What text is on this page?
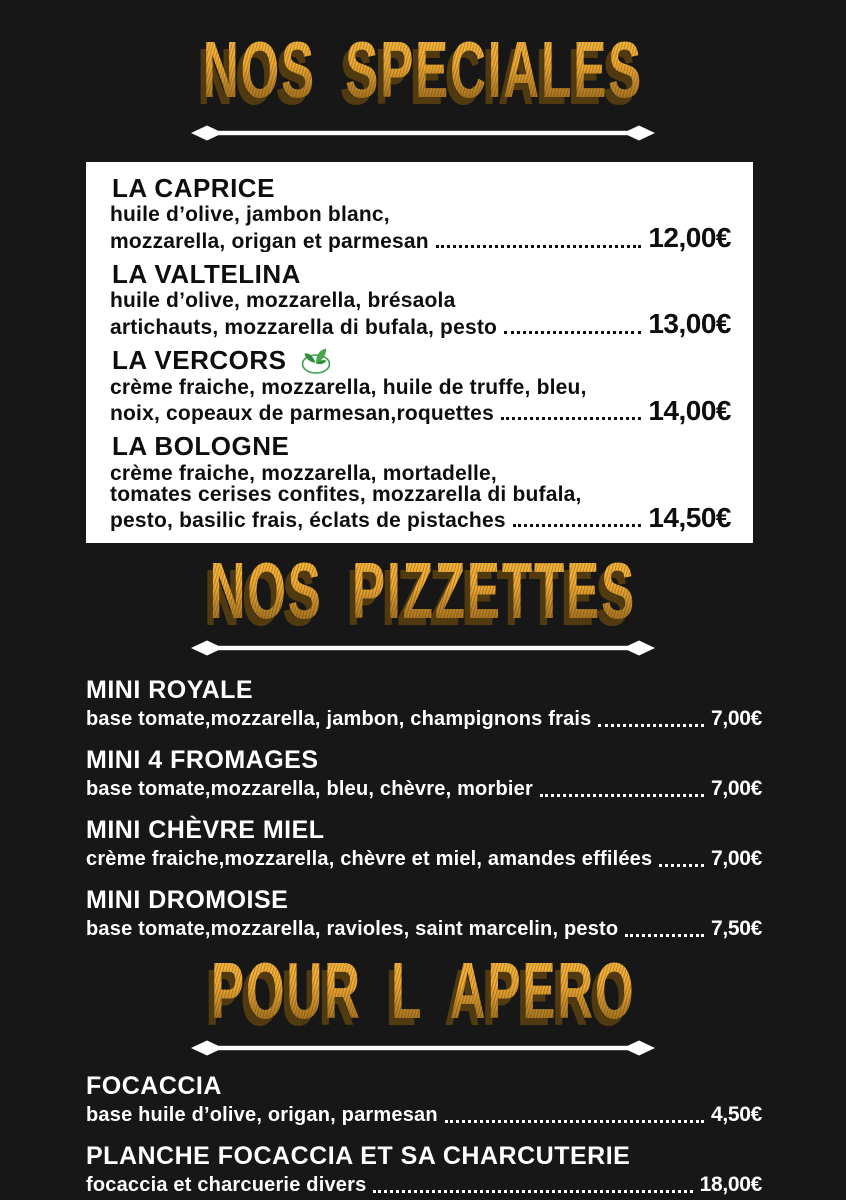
NOS SPECIALES
LA CAPRICE
huile d’olive, jambon blanc,
mozzarella, origan et parmesan	12,00€
LA VALTELINA
huile d’olive, mozzarella, brésaola
artichauts, mozzarella di bufala, pesto	13,00€
LA VERCORS
crème fraiche, mozzarella, huile de truffe, bleu,
noix, copeaux de parmesan,roquettes	14,00€
LA BOLOGNE
crème fraiche, mozzarella, mortadelle,
tomates cerises confites, mozzarella di bufala,
pesto, basilic frais, éclats de pistaches	14,50€
NOS PIZZETTES
MINI ROYALE
base tomate,mozzarella, jambon, champignons frais	7,00€
MINI 4 FROMAGES
base tomate,mozzarella, bleu, chèvre, morbier	7,00€
MINI CHÈVRE MIEL
crème fraiche,mozzarella, chèvre et miel, amandes effilées	7,00€
MINI DROMOISE
base tomate,mozzarella, ravioles, saint marcelin, pesto	7,50€
POUR L APERO
FOCACCIA
base huile d’olive, origan, parmesan	4,50€
PLANCHE FOCACCIA ET SA CHARCUTERIE
focaccia et charcuerie divers	18,00€
